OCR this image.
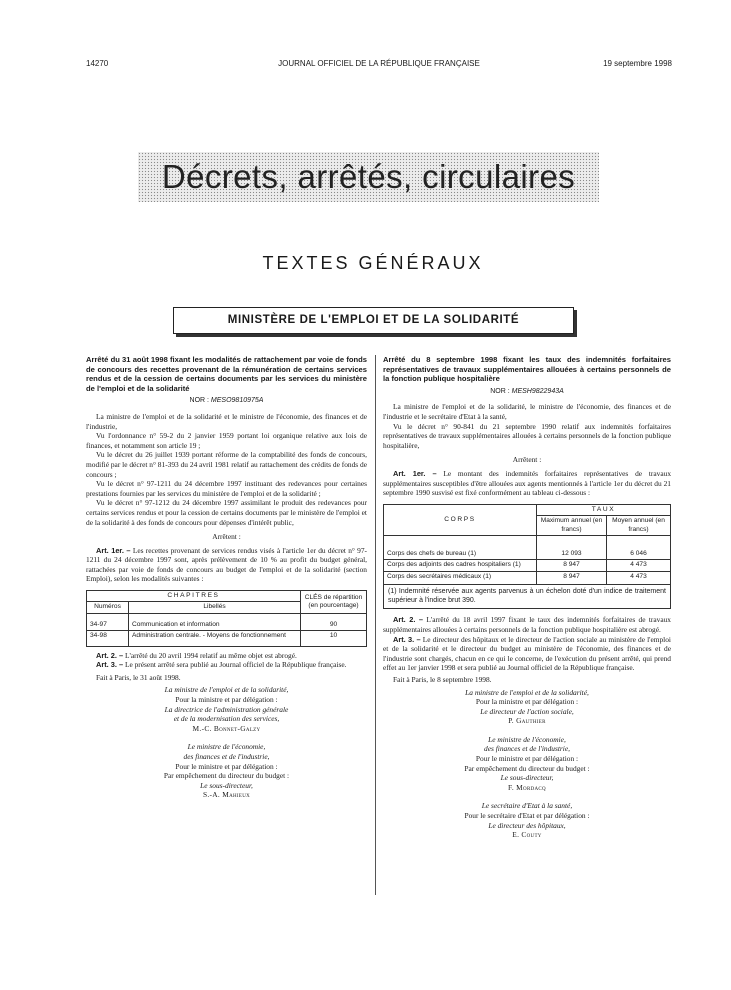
14270	JOURNAL OFFICIEL DE LA RÉPUBLIQUE FRANÇAISE	19 septembre 1998
Décrets, arrêtés, circulaires
TEXTES GÉNÉRAUX
MINISTÈRE DE L'EMPLOI ET DE LA SOLIDARITÉ
Arrêté du 31 août 1998 fixant les modalités de rattachement par voie de fonds de concours des recettes provenant de la rémunération de certains services rendus et de la cession de certains documents par les services du ministère de l'emploi et de la solidarité
NOR : MESO9810975A
La ministre de l'emploi et de la solidarité et le ministre de l'économie, des finances et de l'industrie,
Vu l'ordonnance n° 59-2 du 2 janvier 1959 portant loi organique relative aux lois de finances, et notamment son article 19 ;
Vu le décret du 26 juillet 1939 portant réforme de la comptabilité des fonds de concours, modifié par le décret n° 81-393 du 24 avril 1981 relatif au rattachement des crédits de fonds de concours ;
Vu le décret n° 97-1211 du 24 décembre 1997 instituant des redevances pour certaines prestations fournies par les services du ministère de l'emploi et de la solidarité ;
Vu le décret n° 97-1212 du 24 décembre 1997 assimilant le produit des redevances pour certains services rendus et pour la cession de certains documents par le ministère de l'emploi et de la solidarité à des fonds de concours pour dépenses d'intérêt public,
Arrêtent :
Art. 1er. – Les recettes provenant de services rendus visés à l'article 1er du décret n° 97-1211 du 24 décembre 1997 sont, après prélèvement de 10 % au profit du budget général, rattachées par voie de fonds de concours au budget de l'emploi et de la solidarité (section Emploi), selon les modalités suivantes :
CHAPITRES		CLÉS de répartition (en pourcentage)
Numéros	Libellés	
34-97	Communication et information	90
34-98	Administration centrale. - Moyens de fonctionnement	10
Art. 2. – L'arrêté du 20 avril 1994 relatif au même objet est abrogé.
Art. 3. – Le présent arrêté sera publié au Journal officiel de la République française.
Fait à Paris, le 31 août 1998.
La ministre de l'emploi et de la solidarité,
Pour la ministre et par délégation :
La directrice de l'administration générale
et de la modernisation des services,
M.-C. Bonnet-Galzy
Le ministre de l'économie,
des finances et de l'industrie,
Pour le ministre et par délégation :
Par empêchement du directeur du budget :
Le sous-directeur,
S.-A. Mahieux
Arrêté du 8 septembre 1998 fixant les taux des indemnités forfaitaires représentatives de travaux supplémentaires allouées à certains personnels de la fonction publique hospitalière
NOR : MESH9822943A
La ministre de l'emploi et de la solidarité, le ministre de l'économie, des finances et de l'industrie et le secrétaire d'Etat à la santé,
Vu le décret n° 90-841 du 21 septembre 1990 relatif aux indemnités forfaitaires représentatives de travaux supplémentaires allouées à certains personnels de la fonction publique hospitalière,
Arrêtent :
Art. 1er. – Le montant des indemnités forfaitaires représentatives de travaux supplémentaires susceptibles d'être allouées aux agents mentionnés à l'article 1er du décret du 21 septembre 1990 susvisé est fixé conformément au tableau ci-dessous :
CORPS	TAUX	
	Maximum annuel (en francs)	Moyen annuel (en francs)
Corps des chefs de bureau (1)	12 093	6 046
Corps des adjoints des cadres hospitaliers (1)	8 947	4 473
Corps des secrétaires médicaux (1)	8 947	4 473
(1) Indemnité réservée aux agents parvenus à un échelon doté d'un indice de traitement supérieur à l'indice brut 390.
Art. 2. – L'arrêté du 18 avril 1997 fixant le taux des indemnités forfaitaires de travaux supplémentaires allouées à certains personnels de la fonction publique hospitalière est abrogé.
Art. 3. – Le directeur des hôpitaux et le directeur de l'action sociale au ministère de l'emploi et de la solidarité et le directeur du budget au ministère de l'économie, des finances et de l'industrie sont chargés, chacun en ce qui le concerne, de l'exécution du présent arrêté, qui prend effet au 1er janvier 1998 et sera publié au Journal officiel de la République française.
Fait à Paris, le 8 septembre 1998.
La ministre de l'emploi et de la solidarité,
Pour la ministre et par délégation :
Le directeur de l'action sociale,
P. Gauthier
Le ministre de l'économie,
des finances et de l'industrie,
Pour le ministre et par délégation :
Par empêchement du directeur du budget :
Le sous-directeur,
F. Mordacq
Le secrétaire d'Etat à la santé,
Pour le secrétaire d'Etat et par délégation :
Le directeur des hôpitaux,
E. Couty
